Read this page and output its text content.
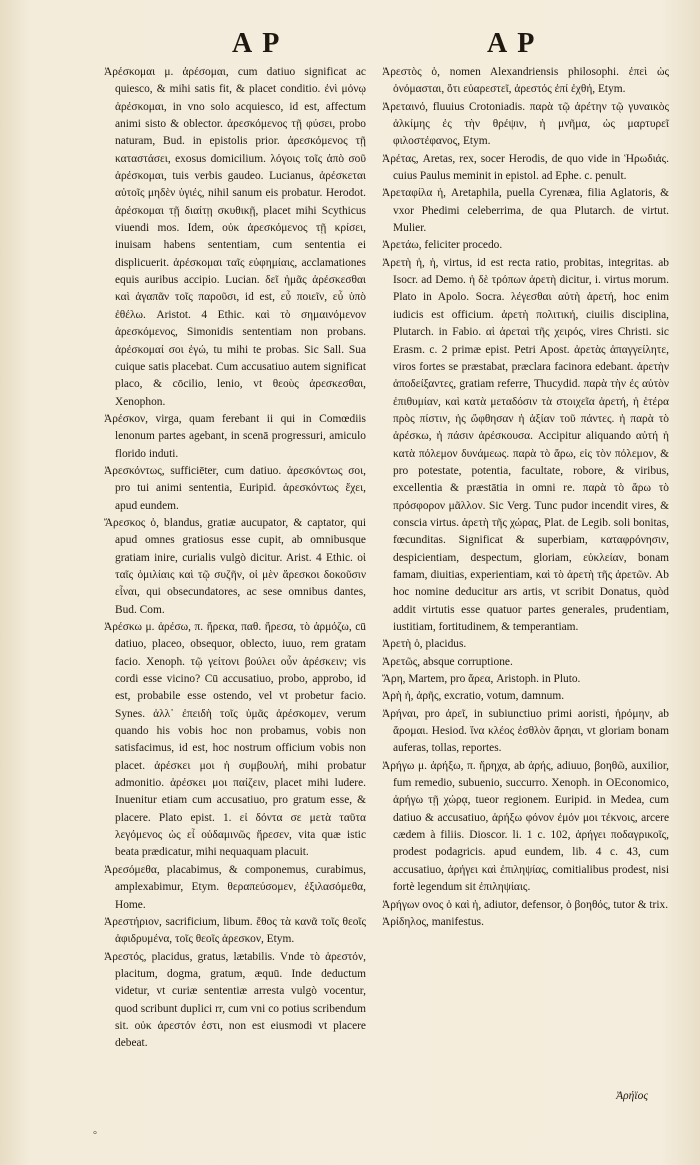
AP	AP

Ἀρέσκομαι μ. ἀρέσομαι, cum datiuo significat ac quiesco, & mihi satis fit, & placet conditio. ἐνὶ μόνῳ ἀρέσκομαι, in vno solo acquiesco, id est, affectum animi sisto & oblector. ἀρεσκόμενος τῇ φύσει, probo naturam, Bud. in epistolis prior. ἀρεσκόμενος τῇ καταστάσει, exosus domicilium. λόγοις τοῖς ἀπὸ σοῦ ἀρέσκομαι, tuis verbis gaudeo. Lucianus, ἀρέσκεται αὐτοῖς μηδὲν ὑγιές, nihil sanum eis probatur. Herodot. ἀρέσκομαι τῇ διαίτῃ σκυθικῇ, placet mihi Scythicus viuendi mos. Idem, οὐκ ἀρεσκόμενος τῇ κρίσει, inuisam habens sententiam, cum sententia ei displicuerit. ἀρέσκομαι ταῖς εὐφημίαις, acclamationes equis auribus accipio. Lucian. δεῖ ἡμᾶς ἀρέσκεσθαι καὶ ἀγαπᾶν τοῖς παροῦσι, id est, εὖ ποιεῖν, εὖ ὑπὸ ἐθέλω. Aristot. 4 Ethic. καὶ τὸ σημαινόμενον ἀρεσκόμενος, Simonidis sententiam non probans. ἀρέσκομαί σοι ἐγώ, tu mihi te probas. Sic Sall. Sua cuique satis placebat. Cum accusatiuo autem significat placo, & cōcilio, lenio, vt θεοὺς ἀρεσκεσθαι, Xenophon.

Ἀρέσκον, virga, quam ferebant ii qui in Comœdiis lenonum partes agebant, in scenā progressuri, amiculo florido induti.

Ἀρεσκόντως, sufficiēter, cum datiuo. ἀρεσκόντως σοι, pro tui animi sententia, Euripid. ἀρεσκόντως ἔχει, apud eundem.

Ἄρεσκος ὁ, blandus, gratiæ aucupator, & captator, qui apud omnes gratiosus esse cupit, ab omnibusque gratiam inire, curialis vulgò dicitur. Arist. 4 Ethic. οἱ ταῖς ὁμιλίαις καὶ τῷ συζῆν, οἱ μὲν ἄρεσκοι δοκοῦσιν εἶναι, qui obsecundatores, ac sese omnibus dantes, Bud. Com.

Ἀρέσκω μ. ἀρέσω, π. ἤρεκα, παθ. ἤρεσα, τὸ ἀρμόζω, cū datiuo, placeo, obsequor, oblecto, iuuo, rem gratam facio. Xenoph. τῷ γείτονι βούλει οὖν ἀρέσκειν; vis cordi esse vicino? Cū accusatiuo, probo, approbo, id est, probabile esse ostendo, vel vt probetur facio. Synes. ἀλλ᾽ ἐπειδὴ τοῖς ὑμᾶς ἀρέσκομεν, verum quando his vobis hoc non probamus, vobis non satisfacimus, id est, hoc nostrum officium vobis non placet. ἀρέσκει μοι ἡ συμβουλή, mihi probatur admonitio. ἀρέσκει μοι παίζειν, placet mihi ludere. Inuenitur etiam cum accusatiuo, pro gratum esse, & placere. Plato epist. 1. εἰ δόντα σε μετὰ ταῦτα λεγόμενος ὡς εἶ οὐδαμινῶς ἤρεσεν, vita quæ istic beata prædicatur, mihi nequaquam placuit.

Ἀρεσόμεθα, placabimus, & componemus, curabimus, amplexabimur, Etym. θεραπεύσομεν, ἐξιλασόμεθα, Home.

Ἀρεστήριον, sacrificium, libum. ἔθος τὰ κανᾶ τοῖς θεοῖς ἀφιδρυμένα, τοῖς θεοῖς ἀρεσκον, Etym.

Ἀρεστός, placidus, gratus, lætabilis. Vnde τὸ ἀρεστόν, placitum, dogma, gratum, æquū. Inde deductum videtur, vt curiæ sententiæ arresta vulgò vocentur, quod scribunt duplici rr, cum vni co potius scribendum sit. οὐκ ἀρεστόν ἐστι, non est eiusmodi vt placere debeat.

Ἀρεστὸς ὁ, nomen Alexandriensis philosophi. ἐπεὶ ὡς ὀνόμασται, ὅτι εὐαρεστεῖ, ἀρεστός ἐπί ἐχθή, Etym.

Ἀρεταινό, fluuius Crotoniadis. παρὰ τῷ ἀρέτην τῷ γυναικὸς ἀλκίμης ἐς τὴν θρέψιν, ἡ μνῆμα, ὡς μαρτυρεῖ φιλοστέφανος, Etym.

Ἀρέτας, Aretas, rex, socer Herodis, de quo vide in Ἡρωδιάς. cuius Paulus meminit in epistol. ad Ephe. c. penult.

Ἀρεταφίλα ἡ, Aretaphila, puella Cyrenæa, filia Aglatoris, & vxor Phedimi celeberrima, de qua Plutarch. de virtut. Mulier.

Ἀρετάω, feliciter procedo.

Ἀρετὴ ἡ, ἡ, virtus, id est recta ratio, probitas, integritas. ab Isocr. ad Demo. ἡ δὲ τρόπων ἀρετὴ dicitur, i. virtus morum. Plato in Apolo. Socra. λέγεσθαι αὐτὴ ἀρετή, hoc enim iudicis est officium. ἀρετὴ πολιτική, ciuilis disciplina, Plutarch. in Fabio. αἱ ἀρεταὶ τῆς χειρός, vires Christi. sic Erasm. c. 2 primæ epist. Petri Apost. ἀρετὰς ἀπαγγείλητε, viros fortes se præstabat, præclara facinora edebant. ἀρετὴν ἀποδείξαντες, gratiam referre, Thucydid. παρὰ τὴν ἐς αὐτὸν ἐπιθυμίαν, καὶ κατὰ μεταδόσιν τὰ στοιχεῖα ἀρετή, ἡ ἑτέρα πρὸς πίστιν, ἡς ὤφθησαν ἡ ἀξίαν τοῦ πάντες. ἡ παρὰ τὸ ἀρέσκω, ἡ πάσιν ἀρέσκουσα. Accipitur aliquando αὐτή ἡ κατὰ πόλεμον δυνάμεως. παρὰ τὸ ἄρω, εἰς τὸν πόλεμον, & pro potestate, potentia, facultate, robore, & viribus, excellentia & præstātia in omni re. παρὰ τὸ ἄρω τὸ πρόσφορον μᾶλλον. Sic Verg. Tunc pudor incendit vires, & conscia virtus. ἀρετὴ τῆς χώρας, Plat. de Legib. soli bonitas, fœcunditas. Significat & superbiam, καταφρόνησιν, despicientiam, despectum, gloriam, εὐκλείαν, bonam famam, diuitias, experientiam, καὶ τὸ ἀρετὴ τῆς ἀρετῶν. Ab hoc nomine deducitur ars artis, vt scribit Donatus, quòd addit virtutis esse quatuor partes generales, prudentiam, iustitiam, fortitudinem, & temperantiam.

Ἀρετὴ ὁ, placidus.

Ἀρετῶς, absque corruptione.

Ἄρη, Martem, pro ἄρεα, Aristoph. in Pluto.

Ἀρὴ ἡ, ἀρῆς, excratio, votum, damnum.

Ἀρήναι, pro ἀρεῖ, in subiunctiuo primi aoristi, ἠρόμην, ab ἄρομαι. Hesiod. ἵνα κλέος ἐσθλὸν ἄρηαι, vt gloriam bonam auferas, tollas, reportes.

Ἀρήγω μ. ἀρήξω, π. ἤρηχα, ab ἀρής, adiuuo, βοηθῶ, auxilior, fum remedio, subuenio, succurro. Xenoph. in OEconomico, ἀρήγω τῇ χώρᾳ, tueor regionem. Euripid. in Medea, cum datiuo & accusatiuo, ἀρήξω φόνον ἐμόν μοι τέκνοις, arcere cædem à filiis. Dioscor. li. 1 c. 102, ἀρήγει ποδαγρικοῖς, prodest podagricis. apud eundem, lib. 4 c. 43, cum accusatiuo, ἀρήγει καὶ ἐπιληψίας, comitialibus prodest, nisi fortè legendum sit ἐπιληψίαις.

Ἀρήγων ονος ὁ καὶ ἡ, adiutor, defensor, ὁ βοηθός, tutor & trix.

Ἀρίδηλος, manifestus.

Ἀρήϊος
°
